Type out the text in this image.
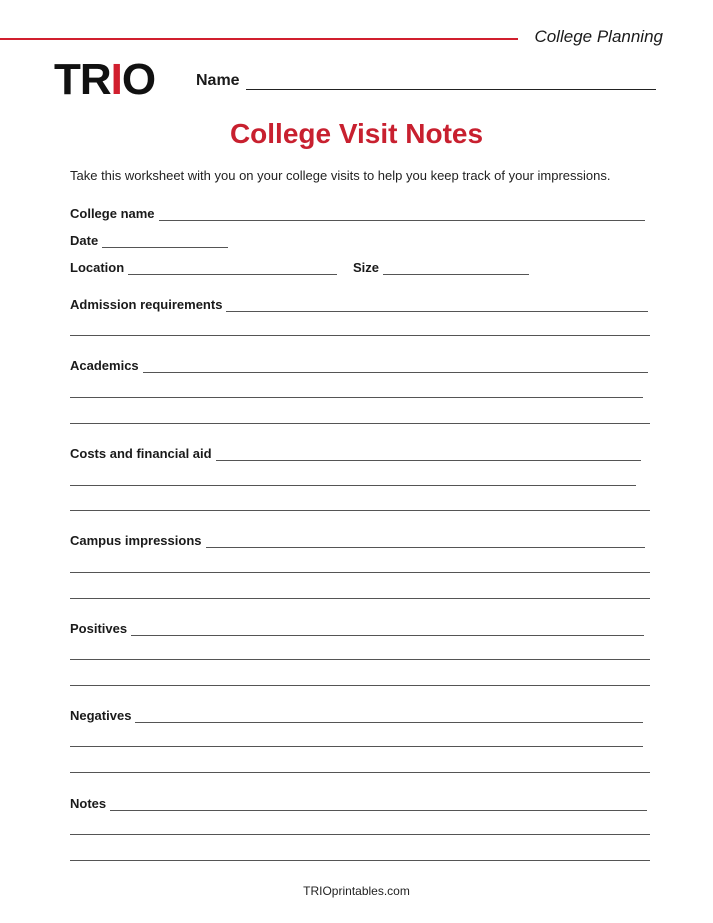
College Planning
TRIO	Name
College Visit Notes
Take this worksheet with you on your college visits to help you keep track of your impressions.
College name
Date
Location	Size
Admission requirements
Academics
Costs and financial aid
Campus impressions
Positives
Negatives
Notes
TRIOprintables.com
